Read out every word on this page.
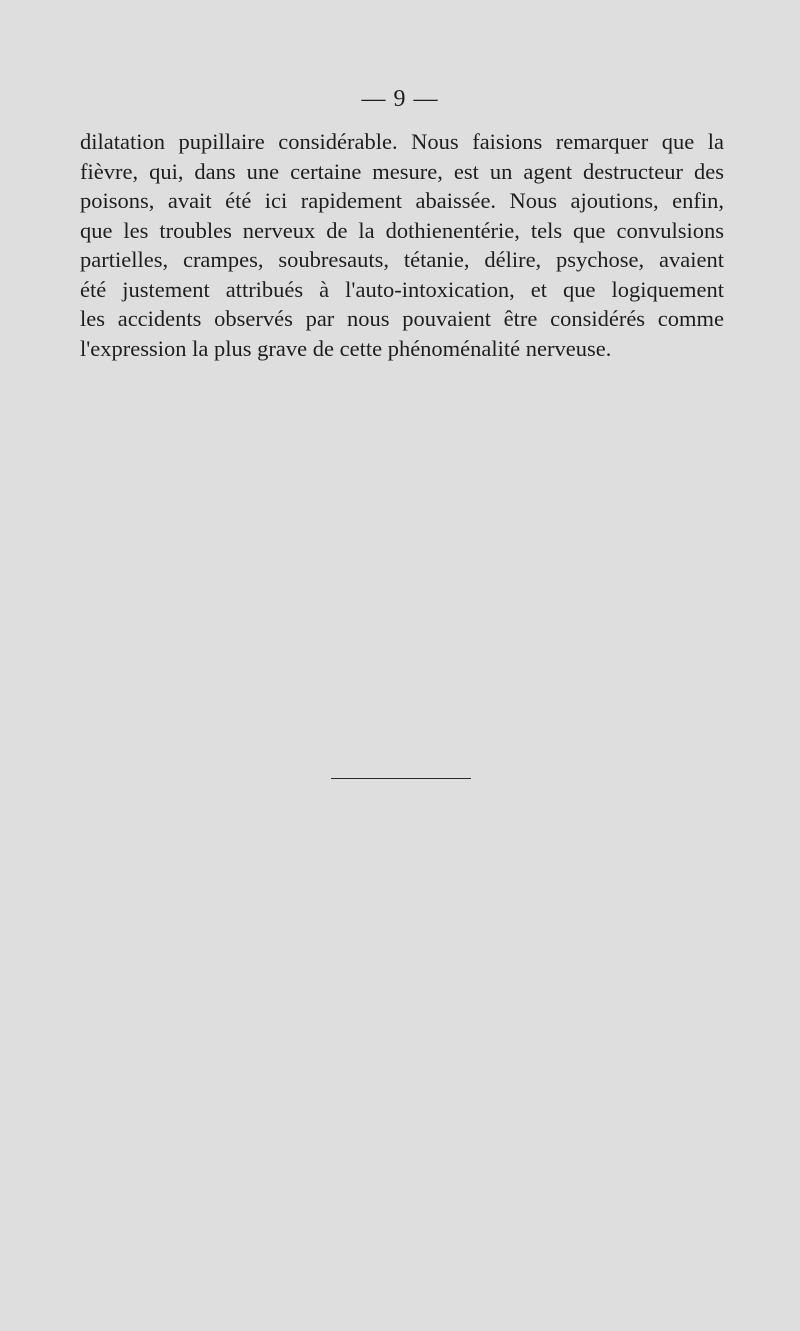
— 9 —
dilatation pupillaire considérable. Nous faisions remarquer que la
fièvre, qui, dans une certaine mesure, est un agent destructeur des
poisons, avait été ici rapidement abaissée. Nous ajoutions, enfin,
que les troubles nerveux de la dothienentérie, tels que convulsions
partielles, crampes, soubresauts, tétanie, délire, psychose, avaient
été justement attribués à l'auto-intoxication, et que logiquement
les accidents observés par nous pouvaient être considérés comme
l'expression la plus grave de cette phénoménalité nerveuse.
